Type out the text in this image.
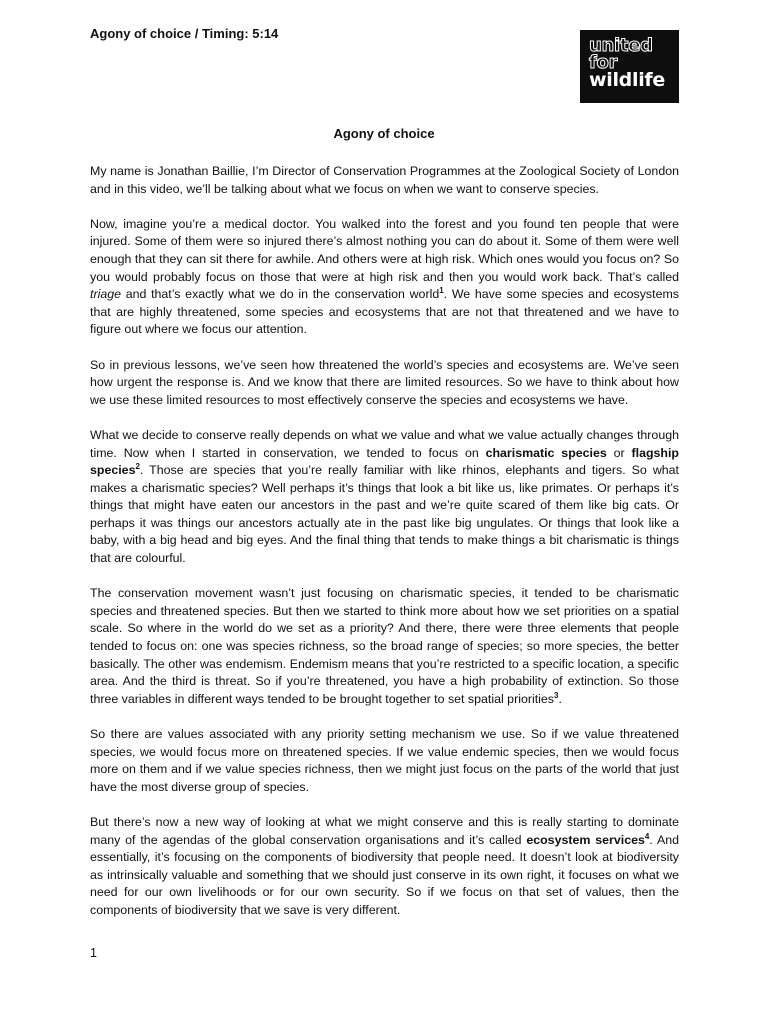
Agony of choice / Timing: 5:14
united
for
wildlife
Agony of choice

My name is Jonathan Baillie, I’m Director of Conservation Programmes at the Zoological Society of London and in this video, we’ll be talking about what we focus on when we want to conserve species.

Now, imagine you’re a medical doctor. You walked into the forest and you found ten people that were injured. Some of them were so injured there’s almost nothing you can do about it. Some of them were well enough that they can sit there for awhile. And others were at high risk. Which ones would you focus on? So you would probably focus on those that were at high risk and then you would work back. That’s called triage and that’s exactly what we do in the conservation world$^1$. We have some species and ecosystems that are highly threatened, some species and ecosystems that are not that threatened and we have to figure out where we focus our attention.

So in previous lessons, we’ve seen how threatened the world’s species and ecosystems are. We’ve seen how urgent the response is. And we know that there are limited resources. So we have to think about how we use these limited resources to most effectively conserve the species and ecosystems we have.

What we decide to conserve really depends on what we value and what we value actually changes through time. Now when I started in conservation, we tended to focus on charismatic species or flagship species$^2$. Those are species that you’re really familiar with like rhinos, elephants and tigers. So what makes a charismatic species? Well perhaps it’s things that look a bit like us, like primates. Or perhaps it’s things that might have eaten our ancestors in the past and we’re quite scared of them like big cats. Or perhaps it was things our ancestors actually ate in the past like big ungulates. Or things that look like a baby, with a big head and big eyes. And the final thing that tends to make things a bit charismatic is things that are colourful.

The conservation movement wasn’t just focusing on charismatic species, it tended to be charismatic species and threatened species. But then we started to think more about how we set priorities on a spatial scale. So where in the world do we set as a priority? And there, there were three elements that people tended to focus on: one was species richness, so the broad range of species; so more species, the better basically. The other was endemism. Endemism means that you’re restricted to a specific location, a specific area. And the third is threat. So if you’re threatened, you have a high probability of extinction. So those three variables in different ways tended to be brought together to set spatial priorities$^3$.

So there are values associated with any priority setting mechanism we use. So if we value threatened species, we would focus more on threatened species. If we value endemic species, then we would focus more on them and if we value species richness, then we might just focus on the parts of the world that just have the most diverse group of species.

But there’s now a new way of looking at what we might conserve and this is really starting to dominate many of the agendas of the global conservation organisations and it’s called ecosystem services$^4$. And essentially, it’s focusing on the components of biodiversity that people need. It doesn’t look at biodiversity as intrinsically valuable and something that we should just conserve in its own right, it focuses on what we need for our own livelihoods or for our own security. So if we focus on that set of values, then the components of biodiversity that we save is very different.

1
